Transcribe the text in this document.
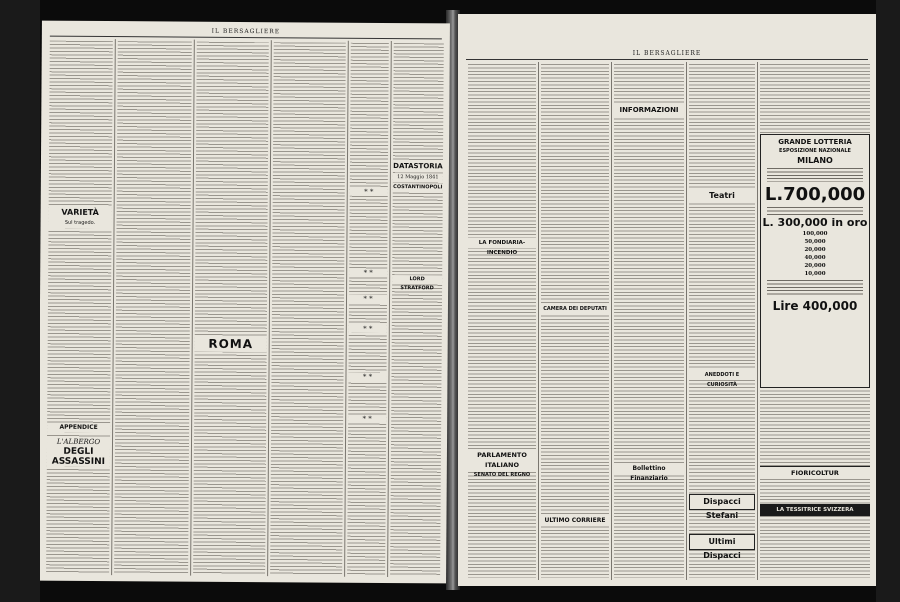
IL BERSAGLIERE
VARIETÀ
Sul tragedo.
APPENDICE
L'ALBERGO
DEGLI ASSASSINI
ROMA
* *
* *
* *
* *
* *
* *
DATASTORIA
12 Maggio 1841
COSTANTINOPOLI
LORD STRATFORD
IL BERSAGLIERE
LA FONDIARIA-INCENDIO
PARLAMENTO ITALIANO
SENATO DEL REGNO
CAMERA DEI DEPUTATI
ULTIMO CORRIERE
INFORMAZIONI
Bollettino Finanziario
Teatri
ANEDDOTI E CURIOSITÀ
Dispacci Stefani
Ultimi Dispacci
GRANDE LOTTERIA
ESPOSIZIONE NAZIONALE
MILANO
L.700,000
L. 300,000 in oro
100,000
50,000
20,000
40,000
20,000
10,000
Lire 400,000
FIORICOLTUR
LA TESSITRICE SVIZZERA
